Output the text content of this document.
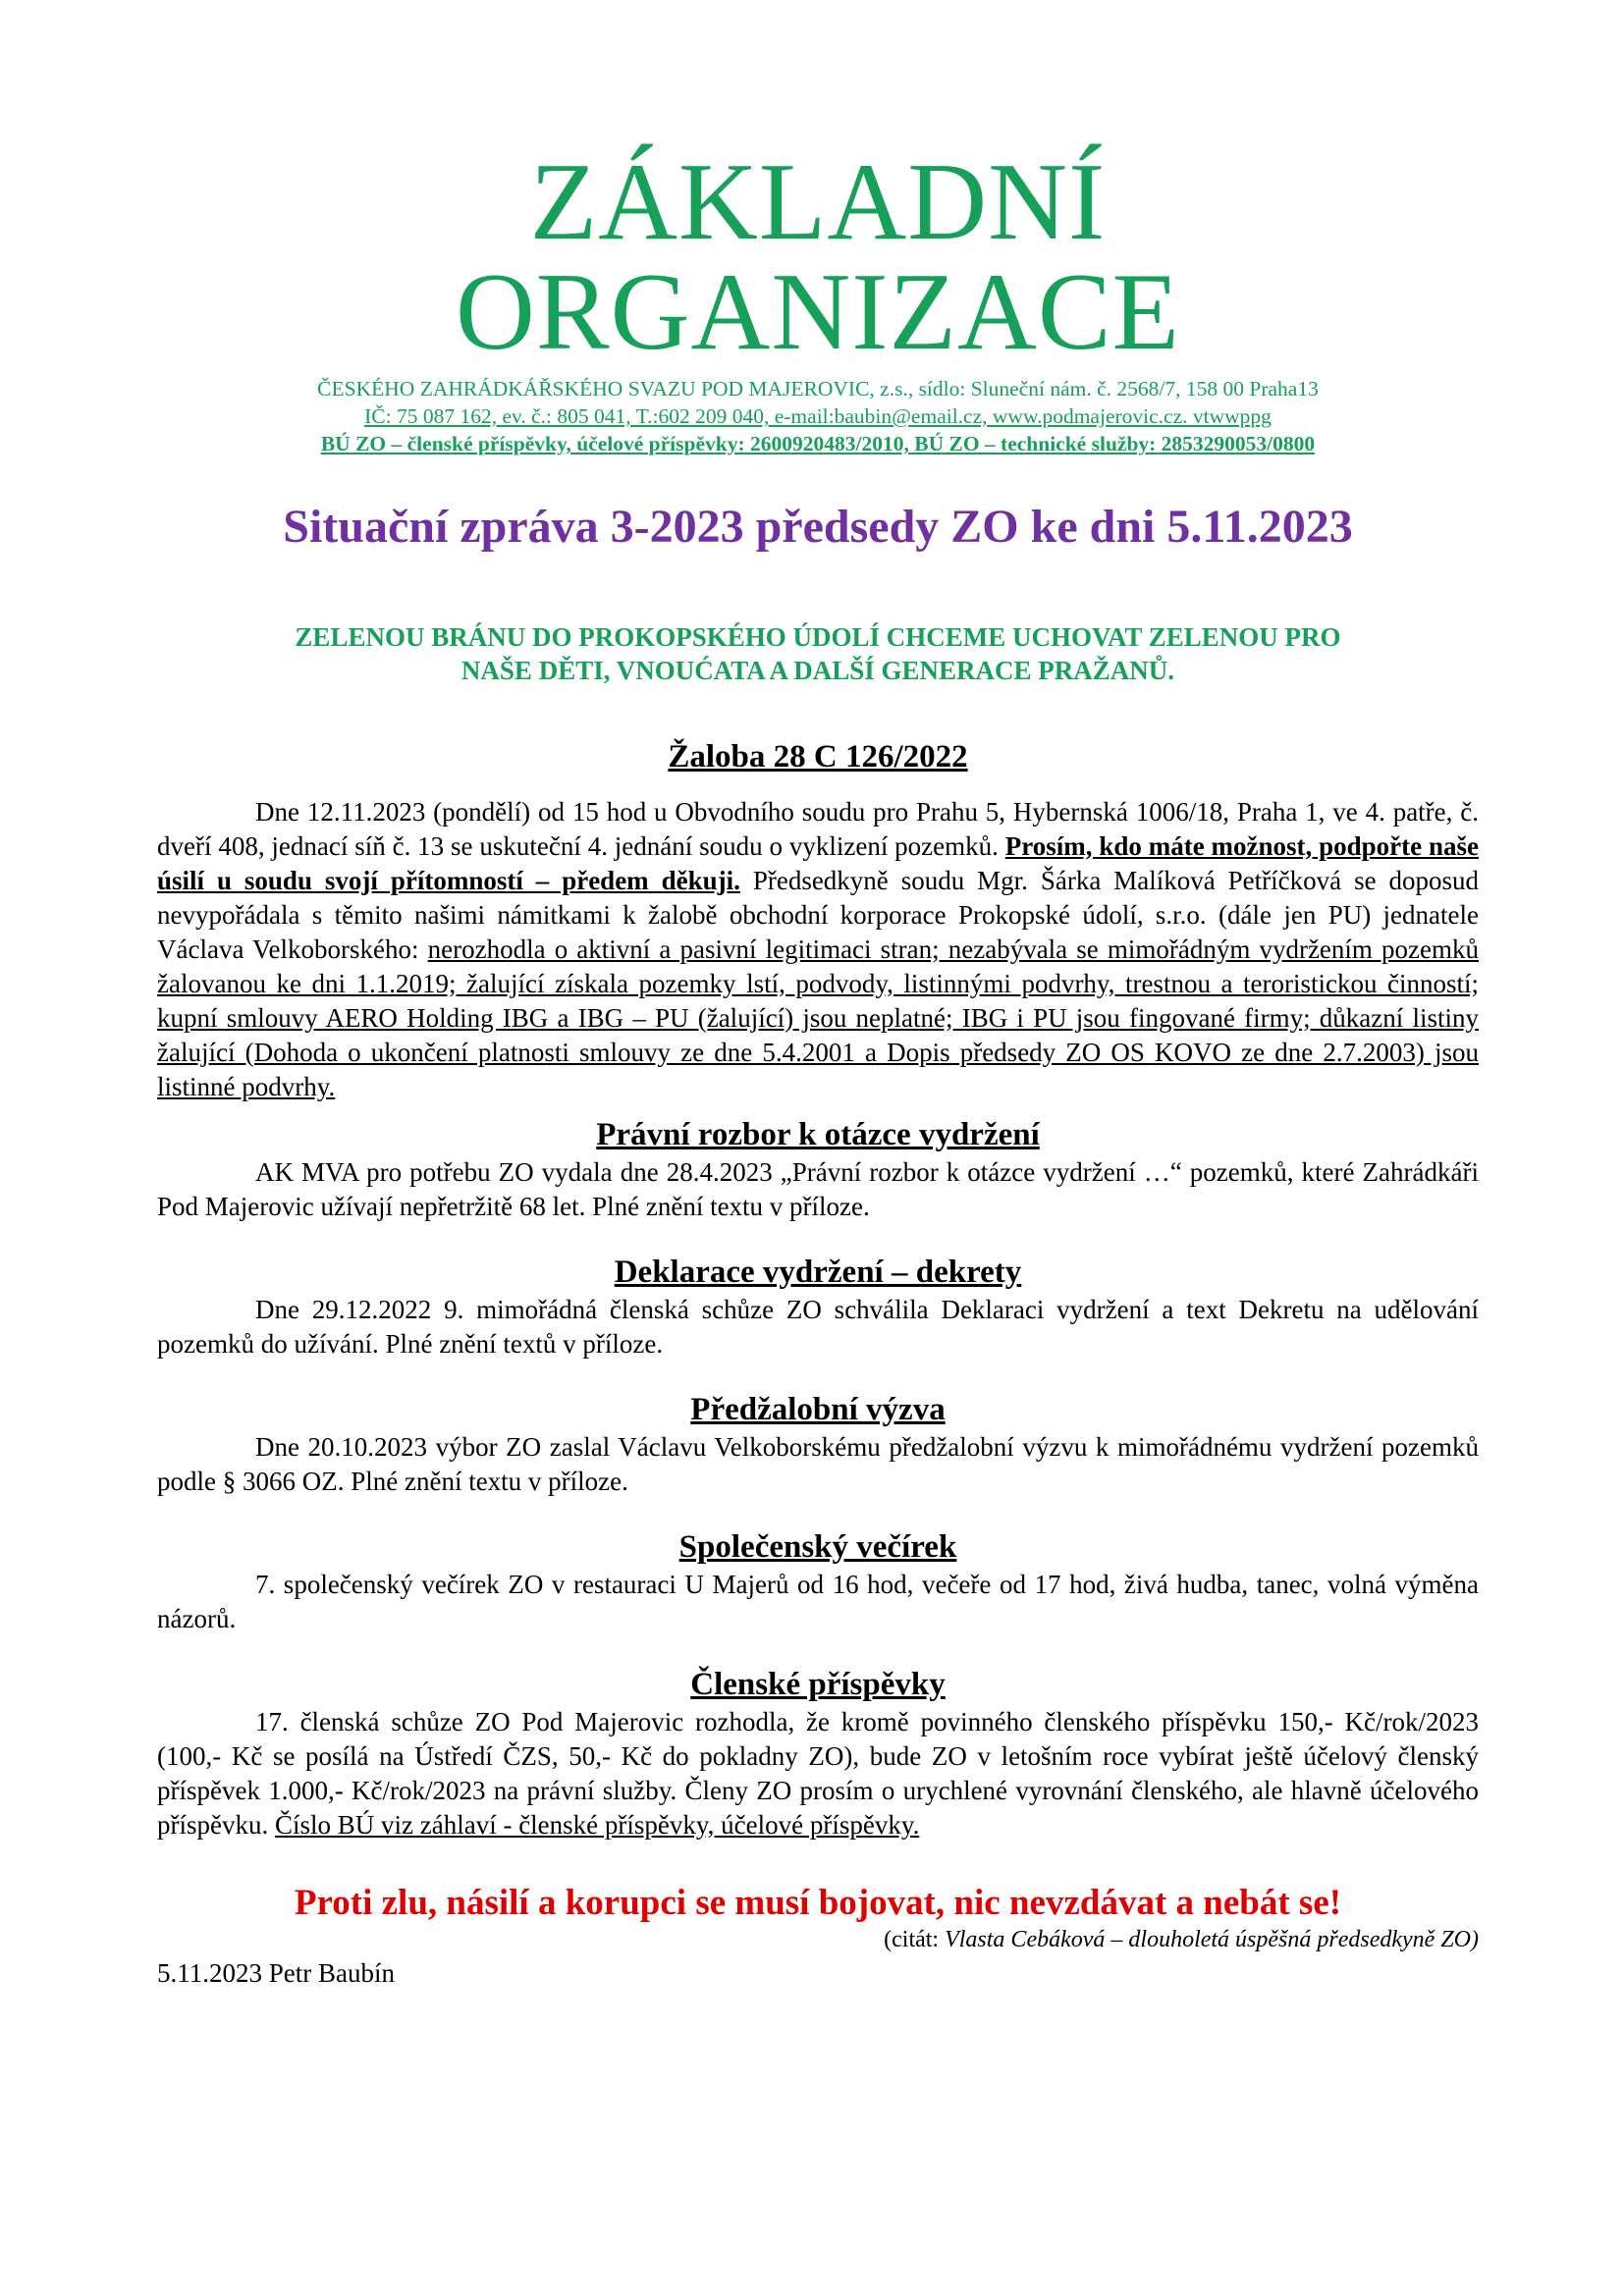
ZÁKLADNÍ ORGANIZACE
ČESKÉHO ZAHRÁDKÁŘSKÉHO SVAZU POD MAJEROVIC, z.s., sídlo: Sluneční nám. č. 2568/7, 158 00 Praha13
IČ: 75 087 162, ev. č.: 805 041, T.:602 209 040, e-mail:baubin@email.cz, www.podmajerovic.cz. vtwwppg
BÚ ZO – členské příspěvky, účelové příspěvky: 2600920483/2010, BÚ ZO – technické služby: 2853290053/0800
Situační zpráva 3-2023 předsedy ZO ke dni 5.11.2023
ZELENOU BRÁNU DO PROKOPSKÉHO ÚDOLÍ CHCEME UCHOVAT ZELENOU PRO
NAŠE DĚTI, VNOUĆATA A DALŠÍ GENERACE PRAŽANŮ.
Žaloba 28 C 126/2022

Dne 12.11.2023 (pondělí) od 15 hod u Obvodního soudu pro Prahu 5, Hybernská 1006/18, Praha 1, ve 4. patře, č. dveří 408, jednací síň č. 13 se uskuteční 4. jednání soudu o vyklizení pozemků. Prosím, kdo máte možnost, podpořte naše úsilí u soudu svojí přítomností – předem děkuji. Předsedkyně soudu Mgr. Šárka Malíková Petříčková se doposud nevypořádala s těmito našimi námitkami k žalobě obchodní korporace Prokopské údolí, s.r.o. (dále jen PU) jednatele Václava Velkoborského: nerozhodla o aktivní a pasivní legitimaci stran; nezabývala se mimořádným vydržením pozemků žalovanou ke dni 1.1.2019; žalující získala pozemky lstí, podvody, listinnými podvrhy, trestnou a teroristickou činností; kupní smlouvy AERO Holding IBG a IBG – PU (žalující) jsou neplatné; IBG i PU jsou fingované firmy; důkazní listiny žalující (Dohoda o ukončení platnosti smlouvy ze dne 5.4.2001 a Dopis předsedy ZO OS KOVO ze dne 2.7.2003) jsou listinné podvrhy.

Právní rozbor k otázce vydržení

AK MVA pro potřebu ZO vydala dne 28.4.2023 „Právní rozbor k otázce vydržení …“ pozemků, které Zahrádkáři Pod Majerovic užívají nepřetržitě 68 let. Plné znění textu v příloze.

Deklarace vydržení – dekrety

Dne 29.12.2022 9. mimořádná členská schůze ZO schválila Deklaraci vydržení a text Dekretu na udělování pozemků do užívání. Plné znění textů v příloze.

Předžalobní výzva

Dne 20.10.2023 výbor ZO zaslal Václavu Velkoborskému předžalobní výzvu k mimořádnému vydržení pozemků podle § 3066 OZ. Plné znění textu v příloze.

Společenský večírek

7. společenský večírek ZO v restauraci U Majerů od 16 hod, večeře od 17 hod, živá hudba, tanec, volná výměna názorů.

Členské příspěvky

17. členská schůze ZO Pod Majerovic rozhodla, že kromě povinného členského příspěvku 150,- Kč/rok/2023 (100,- Kč se posílá na Ústředí ČZS, 50,- Kč do pokladny ZO), bude ZO v letošním roce vybírat ještě účelový členský příspěvek 1.000,- Kč/rok/2023 na právní služby. Členy ZO prosím o urychlené vyrovnání členského, ale hlavně účelového příspěvku. Číslo BÚ viz záhlaví - členské příspěvky, účelové příspěvky.

Proti zlu, násilí a korupci se musí bojovat, nic nevzdávat a nebát se!

(citát: Vlasta Cebáková – dlouholetá úspěšná předsedkyně ZO)

5.11.2023 Petr Baubín
